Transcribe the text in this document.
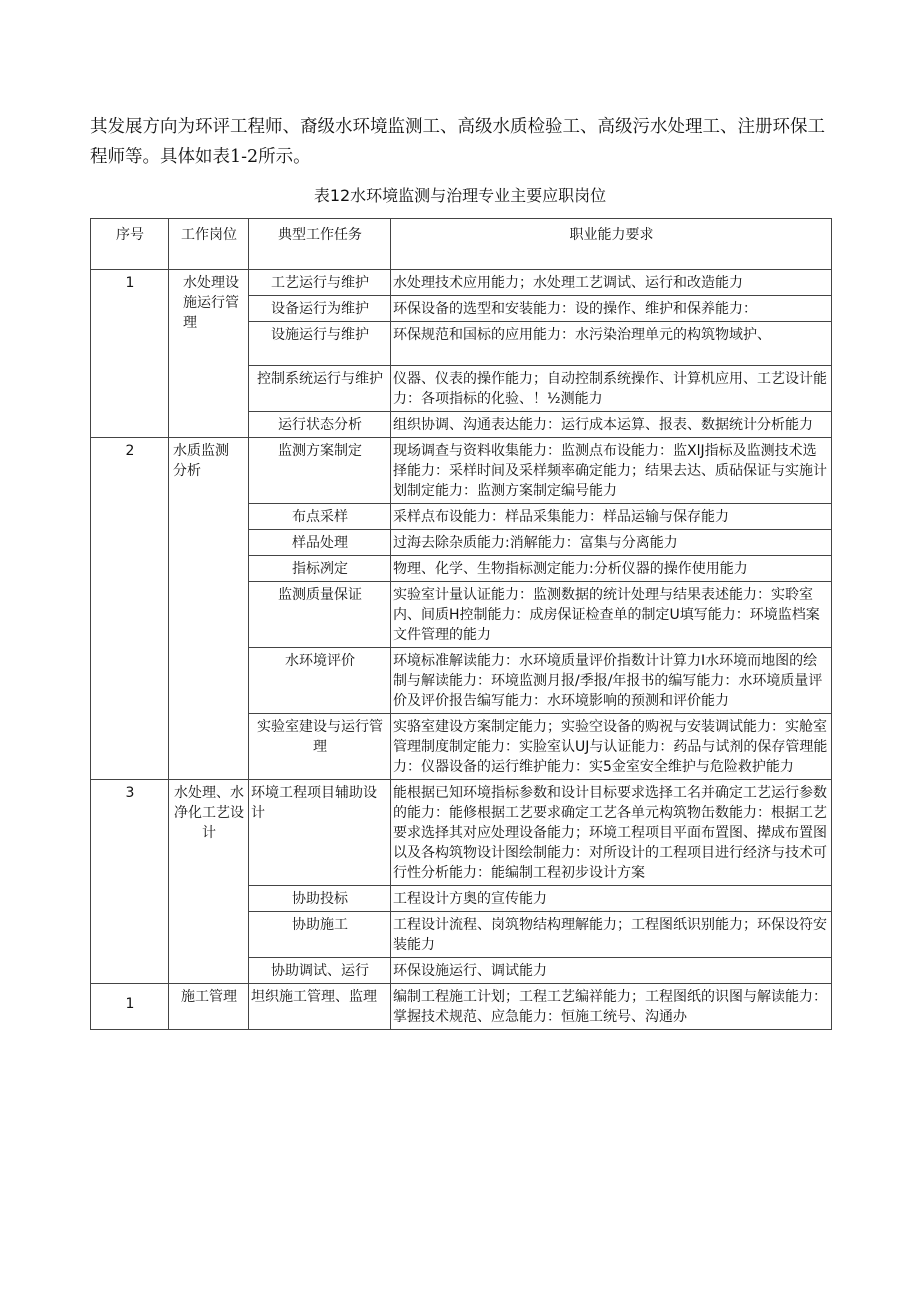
其发展方向为环评工程师、裔级水环境监测工、高级水质检验工、高级污水处理工、注册环保工程师等。具体如表1-2所示。

表12水环境监测与治理专业主要应职岗位

序号	工作岗位	典型工作任务	职业能力要求
1	水处理设施运行管理	工艺运行与维护	水处理技术应用能力；水处理工艺调试、运行和改造能力
		设备运行为维护	环保设备的选型和安装能力：设的操作、维护和保养能力：
		设施运行与维护	环保规范和国标的应用能力：水污染治理单元的构筑物域护、
		控制系统运行与维护	仪器、仪表的操作能力；自动控制系统操作、计算机应用、工艺设计能力：各项指标的化验、！½测能力
		运行状态分析	组织协调、沟通表达能力：运行成本运算、报表、数据统计分析能力
2	水质监测分析	监测方案制定	现场调查与资料收集能力：监测点布设能力：监XlJ指标及监测技术选择能力：采样时间及采样频率确定能力；结果去达、质砧保证与实施计划制定能力：监测方案制定编号能力
		布点采样	采样点布设能力：样品采集能力：样品运输与保存能力
		样品处理	过海去除杂质能力:消解能力：富集与分离能力
		指标冽定	物理、化学、生物指标测定能力:分析仪器的操作使用能力
		监测质量保证	实验室计量认证能力：监测数据的统计处理与结果表述能力：实聆室内、间质H控制能力：成房保证检查单的制定U填写能力：环境监档案文件管理的能力
		水环境评价	环境标准解读能力：水环境质量评价指数计计算力I水环境而地图的绘制与解读能力：环境监测月报/季报/年报书的编写能力：水环境质量评价及评价报告编写能力：水环境影响的预测和评价能力
		实验室建设与运行管理	实骆室建设方案制定能力；实验空设备的购祝与安装调试能力：实舱室管理制度制定能力：实脸室认UJ与认证能力：药品与试剂的保存管理能力：仪器设备的运行维护能力：实5金室安全维护与危险救护能力
3	水处理、水净化工艺设计	环境工程项目辅助设计	能根据已知环境指标参数和设计目标要求选择工名并确定工艺运行参数的能力：能修根据工艺要求确定工艺各单元构筑物缶数能力：根据工艺要求选择其对应处理设备能力；环境工程项目平面布置图、撵成布置图以及各构筑物设计图绘制能力：对所设计的工程项目进行经济与技术可行性分析能力：能编制工程初步设计方案
		协助投标	工程设计方奥的宣传能力
		协助施工	工程设计流程、岗筑物结构理解能力；工程图纸识别能力；环保设符安装能力
		协助调试、运行	环保设施运行、调试能力
1	施工管理	坦织施工管理、监理	编制工程施工计划；工程工艺编祥能力；工程图纸的识图与解读能力：掌握技术规范、应急能力：恒施工统号、沟通办
